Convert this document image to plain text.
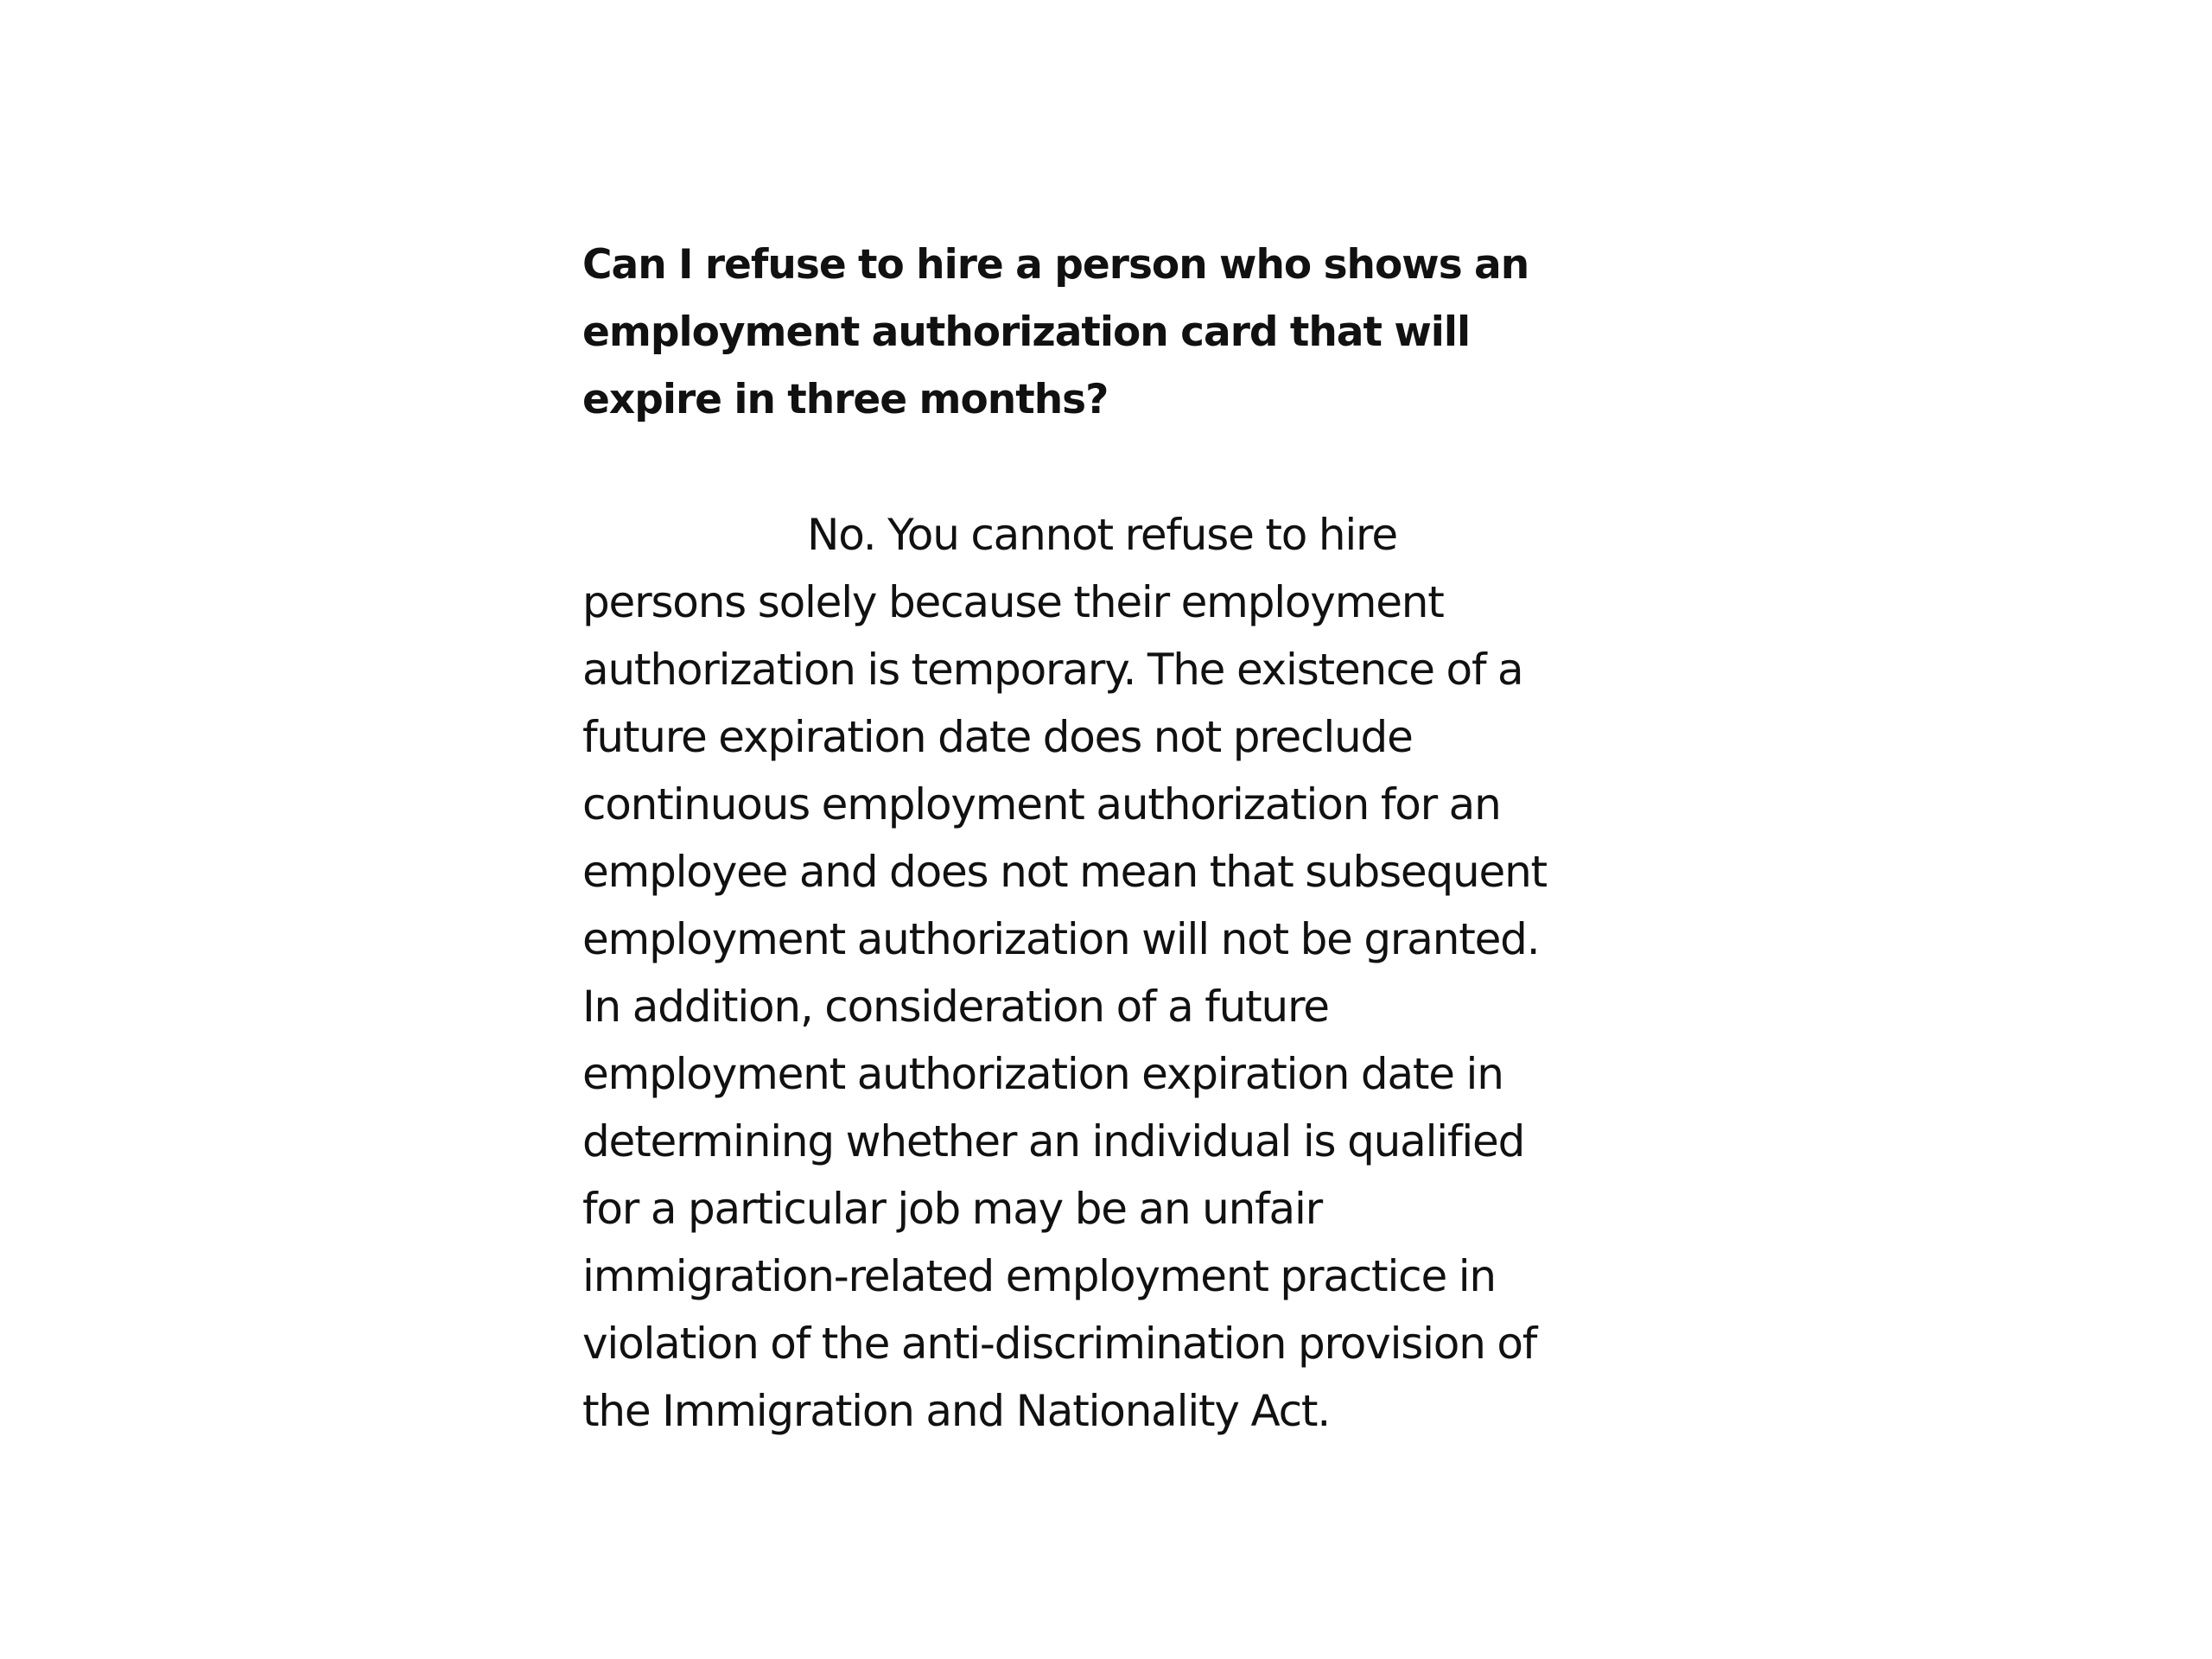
Can I refuse to hire a person who shows an
employment authorization card that will
expire in three months?

No. You cannot refuse to hire
persons solely because their employment
authorization is temporary. The existence of a
future expiration date does not preclude
continuous employment authorization for an
employee and does not mean that subsequent
employment authorization will not be granted.
In addition, consideration of a future
employment authorization expiration date in
determining whether an individual is qualified
for a particular job may be an unfair
immigration-related employment practice in
violation of the anti-discrimination provision of
the Immigration and Nationality Act.
